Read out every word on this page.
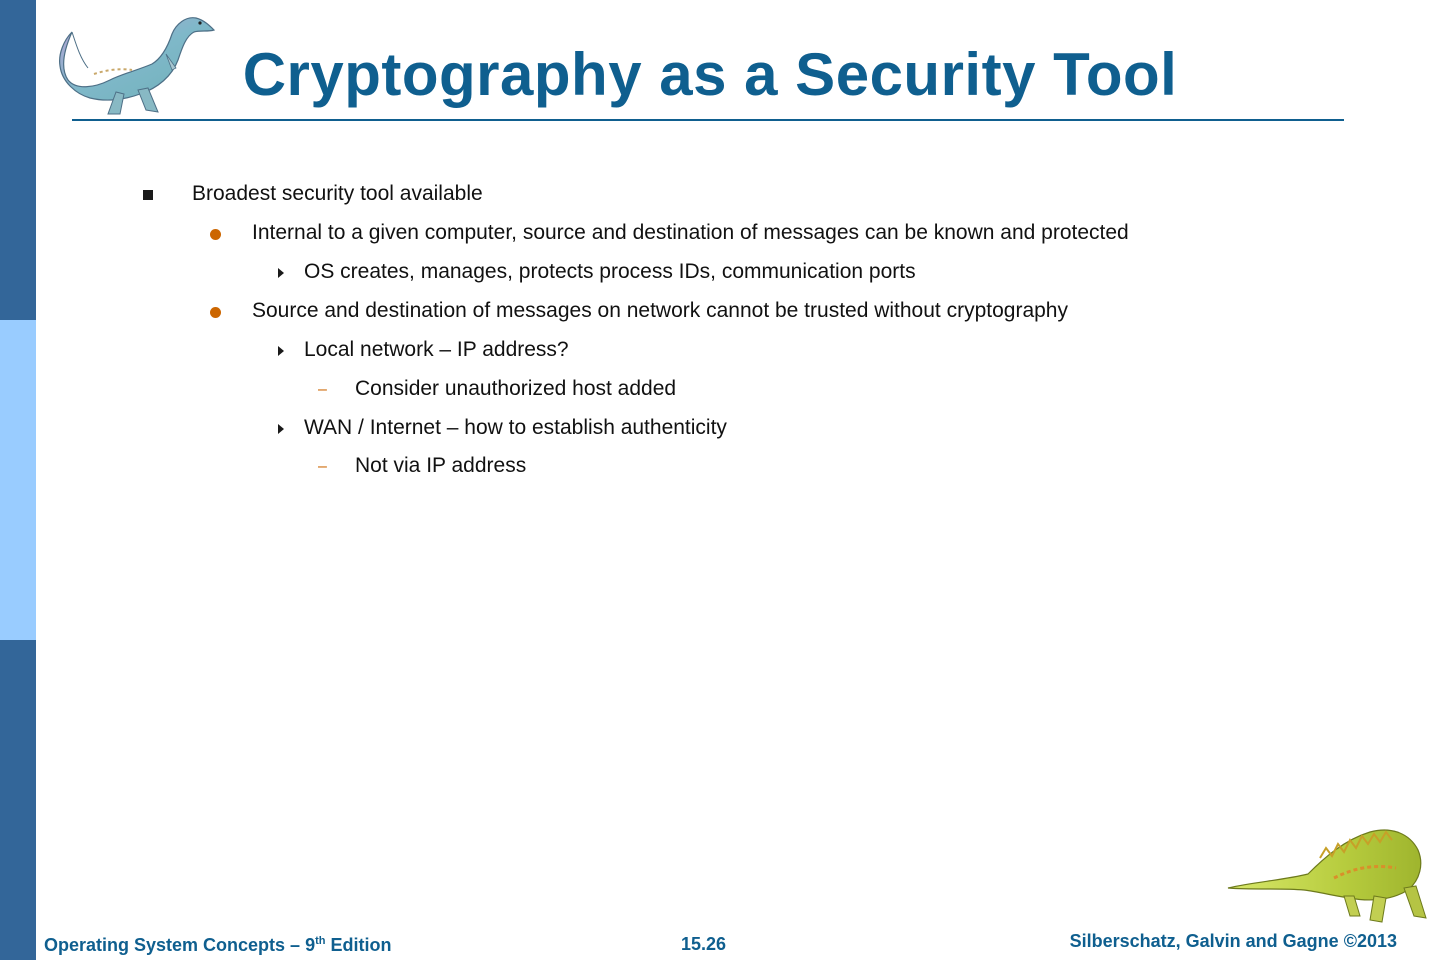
Cryptography as a Security Tool
Broadest security tool available
Internal to a given computer, source and destination of messages can be known and protected
OS creates, manages, protects process IDs, communication ports
Source and destination of messages on network cannot be trusted without cryptography
Local network – IP address?
– Consider unauthorized host added
WAN / Internet – how to establish authenticity
– Not via IP address
Operating System Concepts – 9th Edition	15.26	Silberschatz, Galvin and Gagne ©2013
